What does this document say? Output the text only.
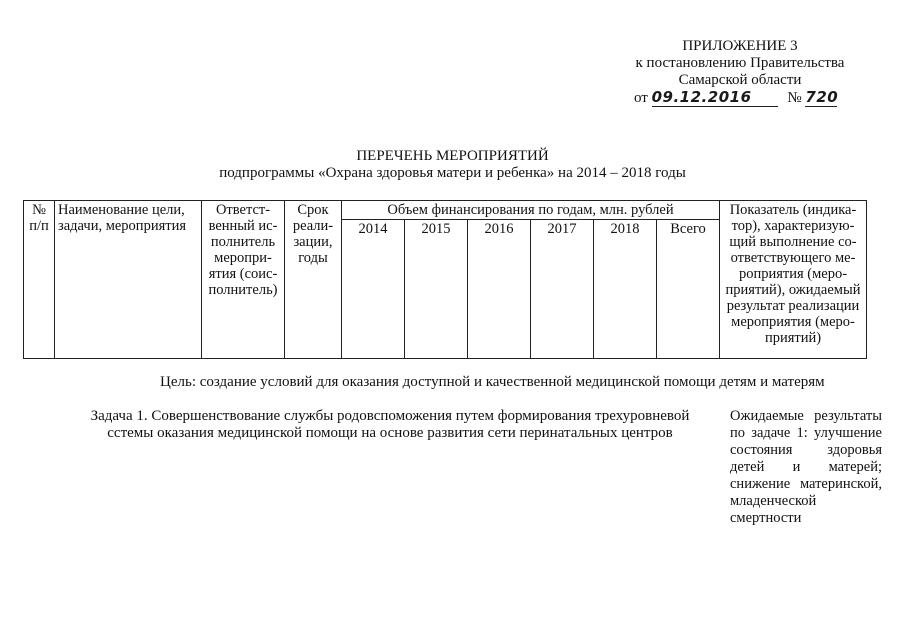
ПРИЛОЖЕНИЕ 3
к постановлению Правительства
Самарской области
от 09.12.2016 № 720
ПЕРЕЧЕНЬ МЕРОПРИЯТИЙ
подпрограммы «Охрана здоровья матери и ребенка» на 2014 – 2018 годы
№ п/п	Наименование цели, задачи, мероприятия	Ответст-венный ис-полнитель меропри-ятия (соис-полнитель)	Срок реали-зации, годы	Объем финансирования по годам, млн. рублей						Показатель (индика-тор), характеризую-щий выполнение со-ответствующего ме-роприятия (меро-приятий), ожидаемый результат реализации мероприятия (меро-приятий)
				2014	2015	2016	2017	2018	Всего	
Цель: создание условий для оказания доступной и качественной медицинской помощи детям и матерям
Задача 1. Совершенствование службы родовспоможения путем формирования трехуровневой сстемы оказания медицинской помощи на основе развития сети перинатальных центров
Ожидаемые результаты по задаче 1: улучшение состояния здоровья детей и матерей; снижение материнской, младенческой смертности
